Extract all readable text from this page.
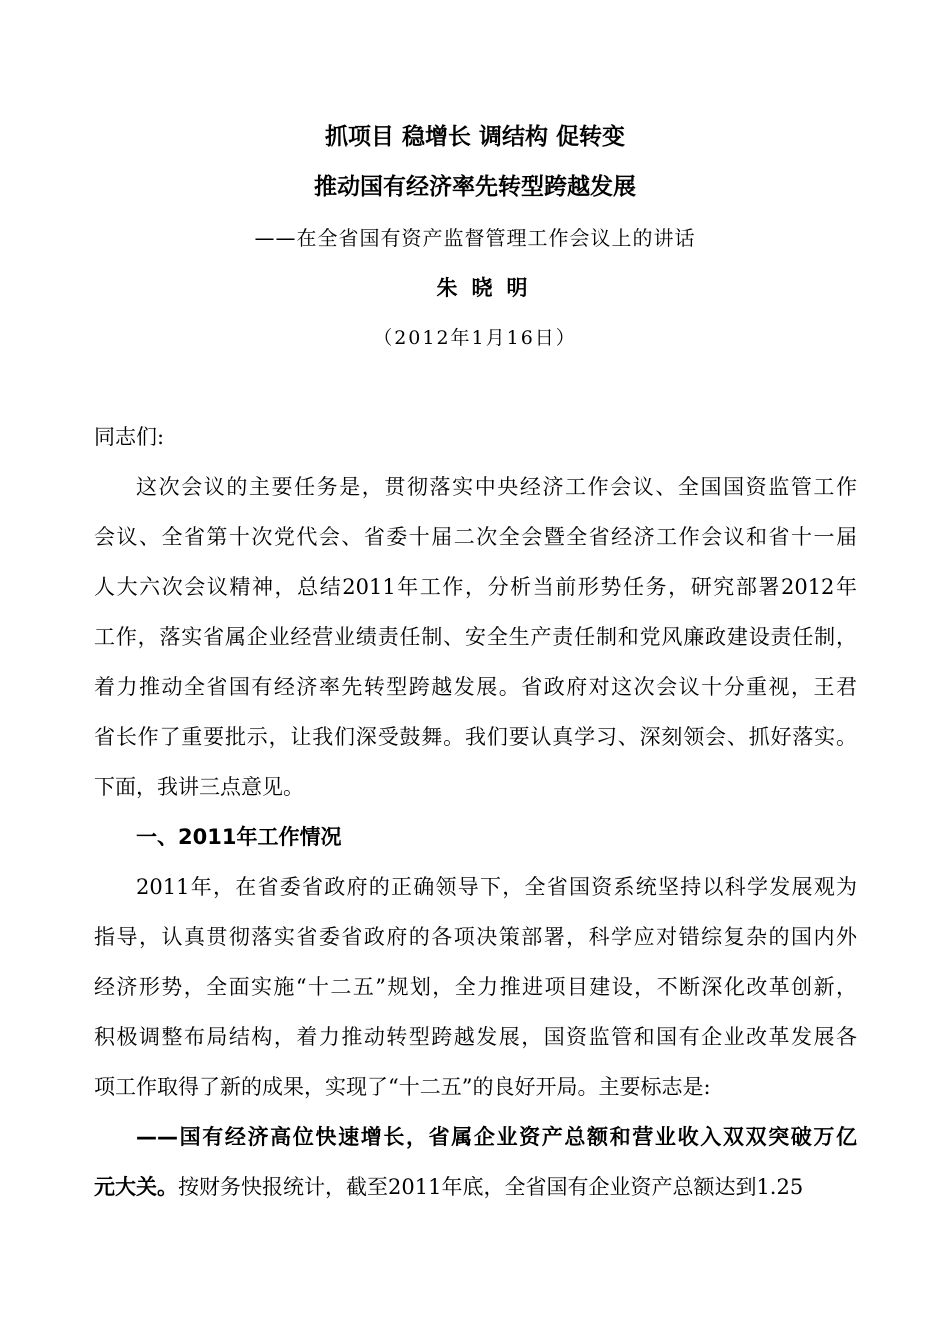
抓项目 稳增长 调结构 促转变
推动国有经济率先转型跨越发展
——在全省国有资产监督管理工作会议上的讲话
朱晓明
（2012年1月16日）
同志们:
这次会议的主要任务是，贯彻落实中央经济工作会议、全国国资监管工作
会议、全省第十次党代会、省委十届二次全会暨全省经济工作会议和省十一届
人大六次会议精神，总结2011年工作，分析当前形势任务，研究部署2012年
工作，落实省属企业经营业绩责任制、安全生产责任制和党风廉政建设责任制，
着力推动全省国有经济率先转型跨越发展。省政府对这次会议十分重视，王君
省长作了重要批示，让我们深受鼓舞。我们要认真学习、深刻领会、抓好落实。
下面，我讲三点意见。
一、2011年工作情况
2011年，在省委省政府的正确领导下，全省国资系统坚持以科学发展观为
指导，认真贯彻落实省委省政府的各项决策部署，科学应对错综复杂的国内外
经济形势，全面实施“十二五”规划，全力推进项目建设，不断深化改革创新，
积极调整布局结构，着力推动转型跨越发展，国资监管和国有企业改革发展各
项工作取得了新的成果，实现了“十二五”的良好开局。主要标志是:
——国有经济高位快速增长，省属企业资产总额和营业收入双双突破万亿
元大关。按财务快报统计，截至2011年底，全省国有企业资产总额达到1.25
